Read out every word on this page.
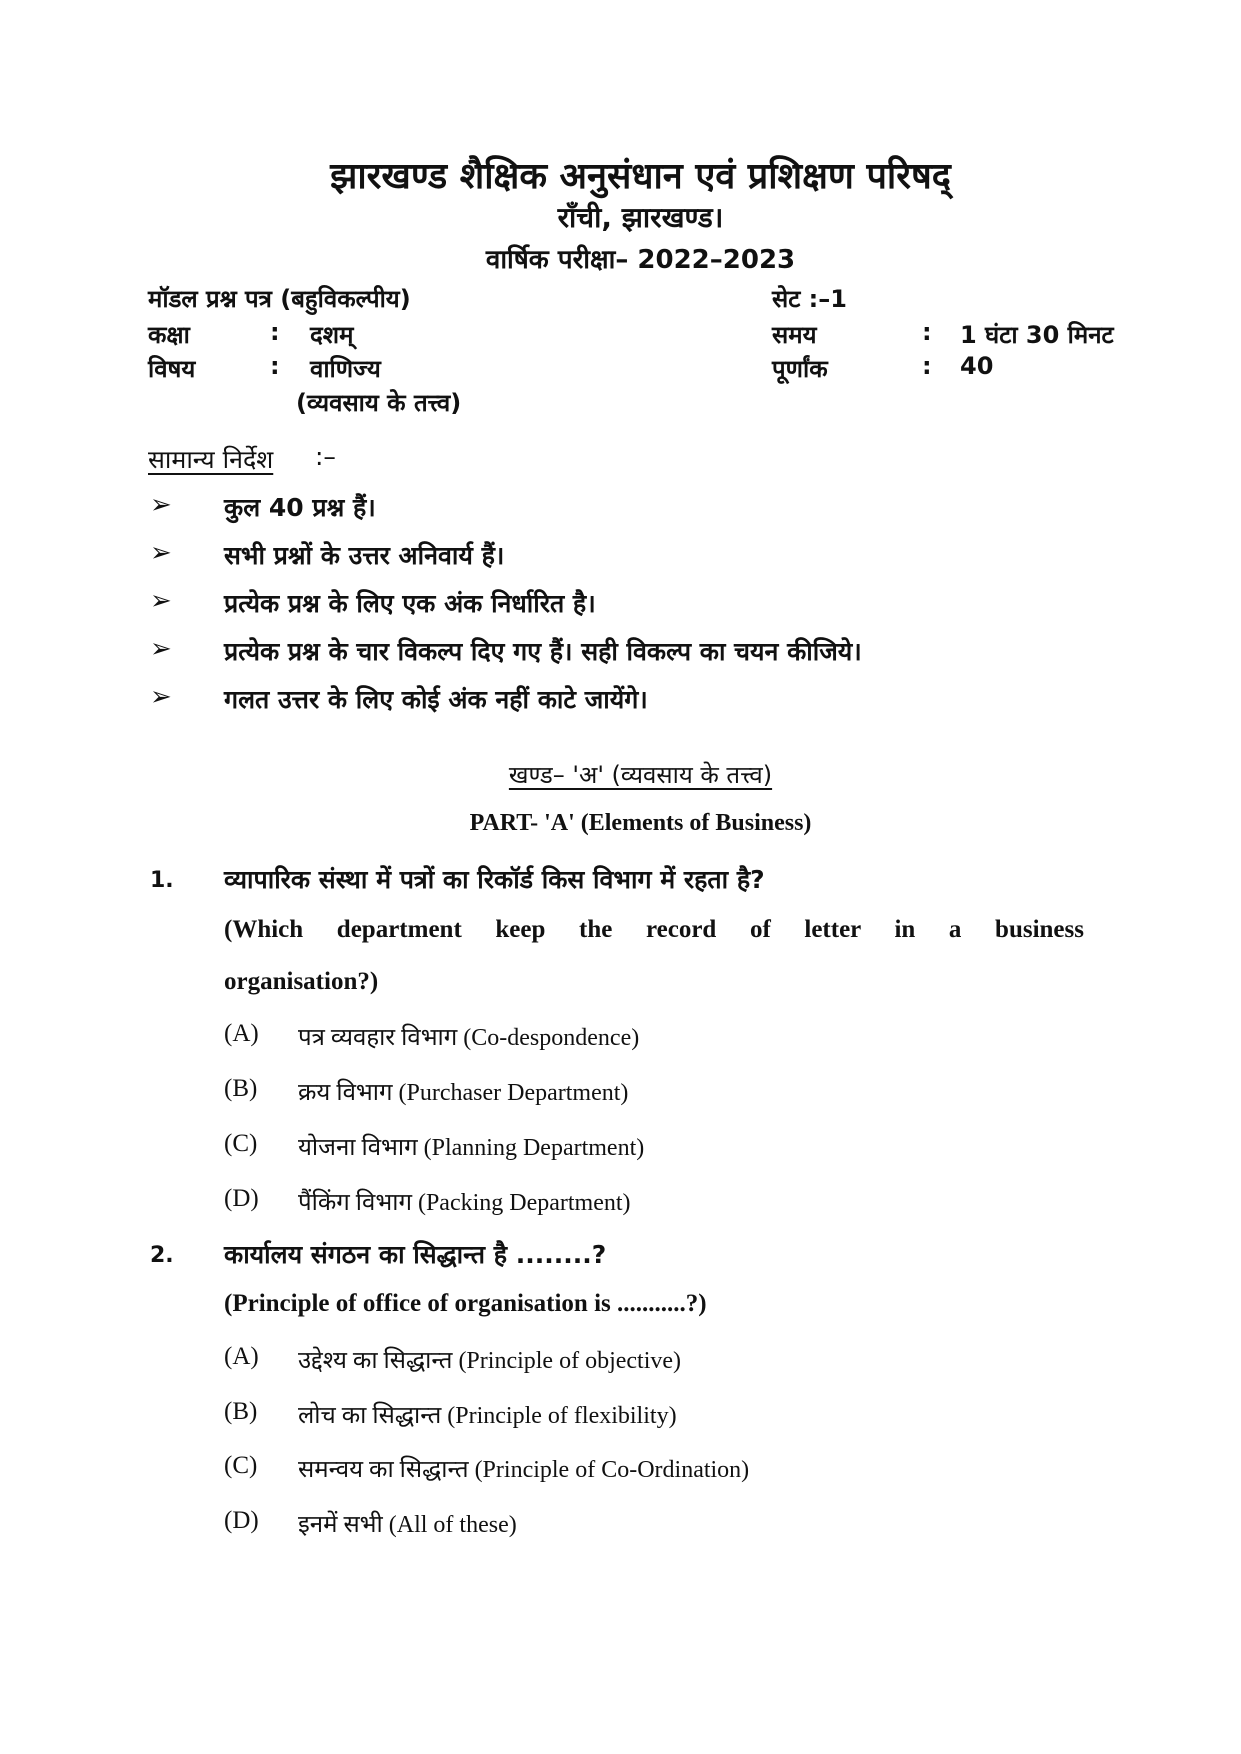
झारखण्ड शैक्षिक अनुसंधान एवं प्रशिक्षण परिषद्
राँची, झारखण्ड।
वार्षिक परीक्षा– 2022–2023
मॉडल प्रश्न पत्र (बहुविकल्पीय)	सेट :–1
कक्षा	: दशम्	समय	: 1 घंटा 30 मिनट
विषय	: वाणिज्य	पूर्णांक	: 40
(व्यवसाय के तत्त्व)
सामान्य निर्देश :–
➢ कुल 40 प्रश्न हैं।
➢ सभी प्रश्नों के उत्तर अनिवार्य हैं।
➢ प्रत्येक प्रश्न के लिए एक अंक निर्धारित है।
➢ प्रत्येक प्रश्न के चार विकल्प दिए गए हैं। सही विकल्प का चयन कीजिये।
➢ गलत उत्तर के लिए कोई अंक नहीं काटे जायेंगे।
खण्ड– 'अ' (व्यवसाय के तत्त्व)
PART- 'A' (Elements of Business)
1. व्यापारिक संस्था में पत्रों का रिकॉर्ड किस विभाग में रहता है?
(Which department keep the record of letter in a business
organisation?)
(A) पत्र व्यवहार विभाग (Co-despondence)
(B) क्रय विभाग (Purchaser Department)
(C) योजना विभाग (Planning Department)
(D) पैंकिंग विभाग (Packing Department)
2. कार्यालय संगठन का सिद्धान्त है ........?
(Principle of office of organisation is ...........?)
(A) उद्देश्य का सिद्धान्त (Principle of objective)
(B) लोच का सिद्धान्त (Principle of flexibility)
(C) समन्वय का सिद्धान्त (Principle of Co-Ordination)
(D) इनमें सभी (All of these)
